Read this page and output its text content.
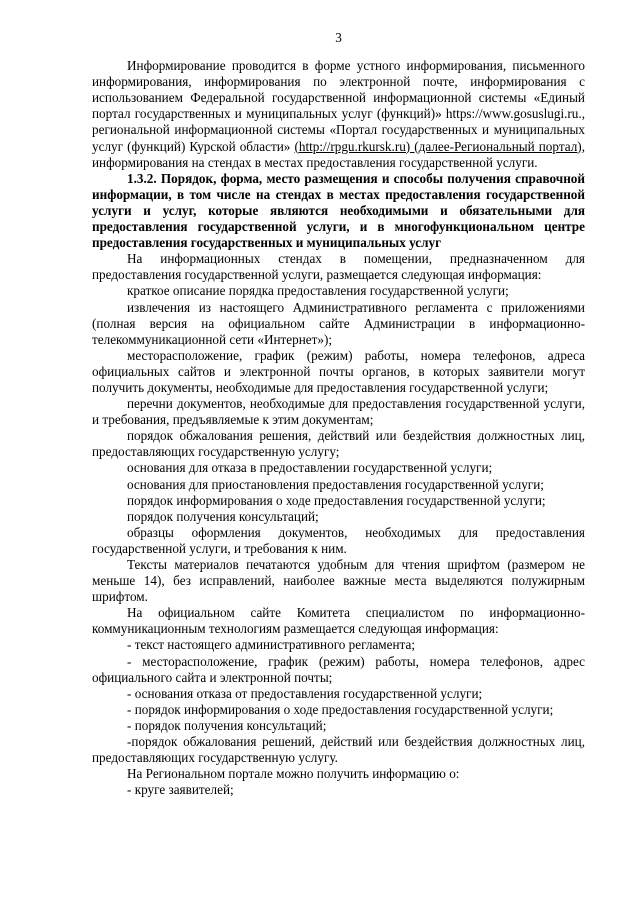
3

Информирование проводится в форме устного информирования, письменного информирования, информирования по электронной почте, информирования с использованием Федеральной государственной информационной системы «Единый портал государственных и муниципальных услуг (функций)» https://www.gosuslugi.ru., региональной информационной системы «Портал государственных и муниципальных услуг (функций) Курской области» (http://rpgu.rkursk.ru) (далее-Региональный портал), информирования на стендах в местах предоставления государственной услуги.

1.3.2. Порядок, форма, место размещения и способы получения справочной информации, в том числе на стендах в местах предоставления государственной услуги и услуг, которые являются необходимыми и обязательными для предоставления государственной услуги, и в многофункциональном центре предоставления государственных и муниципальных услуг

На информационных стендах в помещении, предназначенном для предоставления государственной услуги, размещается следующая информация:

краткое описание порядка предоставления государственной услуги;

извлечения из настоящего Административного регламента с приложениями (полная версия на официальном сайте Администрации в информационно-телекоммуникационной сети «Интернет»);

месторасположение, график (режим) работы, номера телефонов, адреса официальных сайтов и электронной почты органов, в которых заявители могут получить документы, необходимые для предоставления государственной услуги;

перечни документов, необходимые для предоставления государственной услуги, и требования, предъявляемые к этим документам;

порядок обжалования решения, действий или бездействия должностных лиц, предоставляющих государственную услугу;

основания для отказа в предоставлении государственной услуги;

основания для приостановления предоставления государственной услуги;

порядок информирования о ходе предоставления государственной услуги;

порядок получения консультаций;

образцы оформления документов, необходимых для предоставления государственной услуги, и требования к ним.

Тексты материалов печатаются удобным для чтения шрифтом (размером не меньше 14), без исправлений, наиболее важные места выделяются полужирным шрифтом.

На официальном сайте Комитета специалистом по информационно-коммуникационным технологиям размещается следующая информация:

- текст настоящего административного регламента;

- месторасположение, график (режим) работы, номера телефонов, адрес официального сайта и электронной почты;

- основания отказа от предоставления государственной услуги;

- порядок информирования о ходе предоставления государственной услуги;

- порядок получения консультаций;

-порядок обжалования решений, действий или бездействия должностных лиц, предоставляющих государственную услугу.

На Региональном портале можно получить информацию о:

- круге заявителей;
